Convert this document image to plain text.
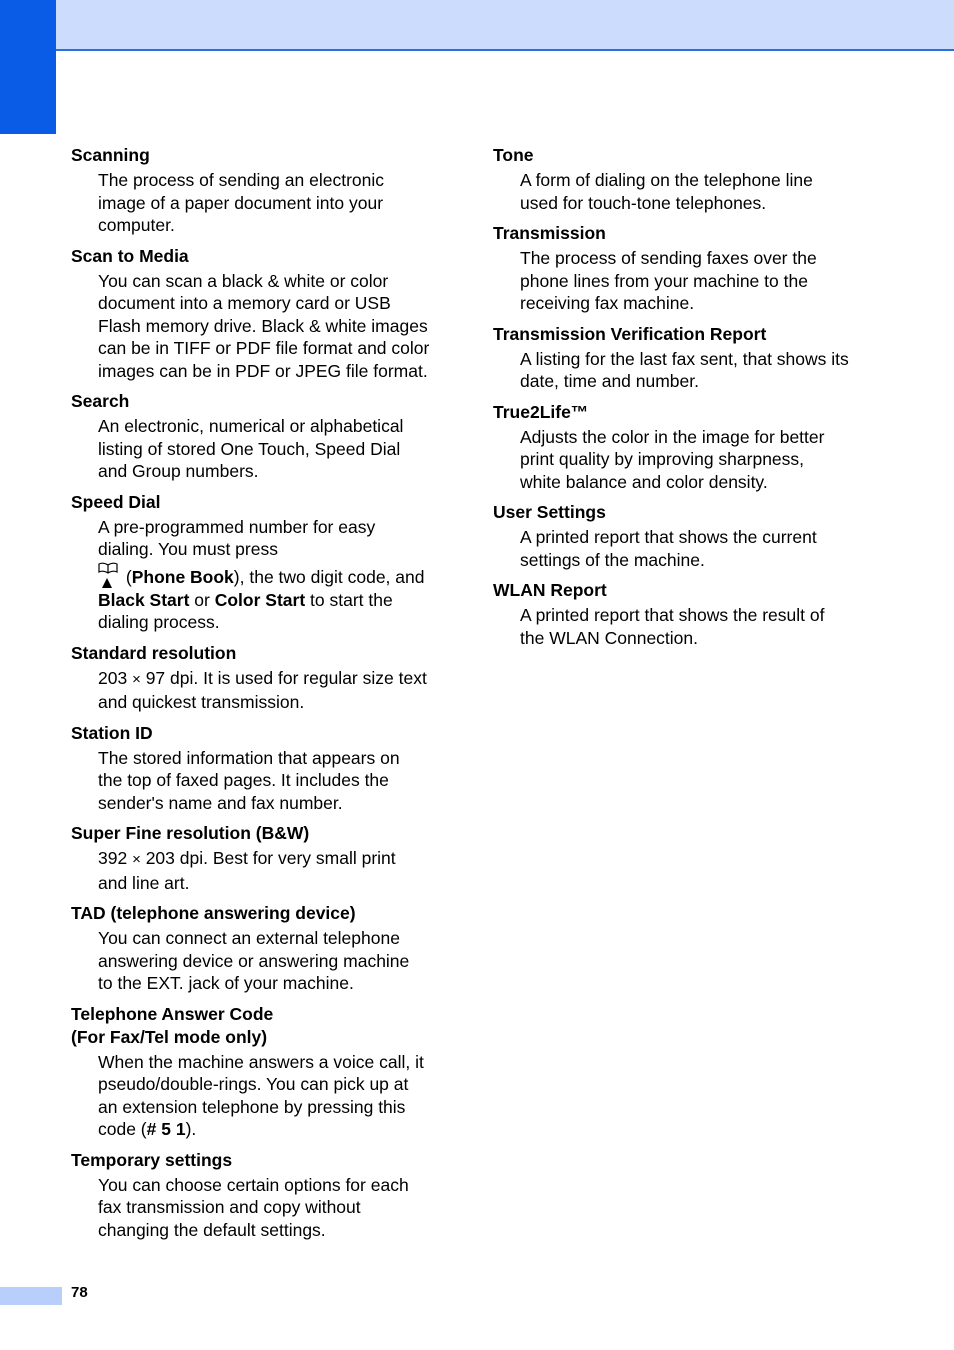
Scanning
The process of sending an electronic
image of a paper document into your
computer.
Scan to Media
You can scan a black & white or color
document into a memory card or USB
Flash memory drive. Black & white images
can be in TIFF or PDF file format and color
images can be in PDF or JPEG file format.
Search
An electronic, numerical or alphabetical
listing of stored One Touch, Speed Dial
and Group numbers.
Speed Dial
A pre-programmed number for easy
dialing. You must press

(Phone Book), the two digit code, and
Black Start or Color Start to start the
dialing process.
Standard resolution
203 × 97 dpi. It is used for regular size text
and quickest transmission.
Station ID
The stored information that appears on
the top of faxed pages. It includes the
sender's name and fax number.
Super Fine resolution (B&W)
392 × 203 dpi. Best for very small print
and line art.
TAD (telephone answering device)
You can connect an external telephone
answering device or answering machine
to the EXT. jack of your machine.
Telephone Answer Code
(For Fax/Tel mode only)
When the machine answers a voice call, it
pseudo/double-rings. You can pick up at
an extension telephone by pressing this
code (# 5 1).
Temporary settings
You can choose certain options for each
fax transmission and copy without
changing the default settings.
Tone
A form of dialing on the telephone line
used for touch-tone telephones.
Transmission
The process of sending faxes over the
phone lines from your machine to the
receiving fax machine.
Transmission Verification Report
A listing for the last fax sent, that shows its
date, time and number.
True2Life™
Adjusts the color in the image for better
print quality by improving sharpness,
white balance and color density.
User Settings
A printed report that shows the current
settings of the machine.
WLAN Report
A printed report that shows the result of
the WLAN Connection.
78
